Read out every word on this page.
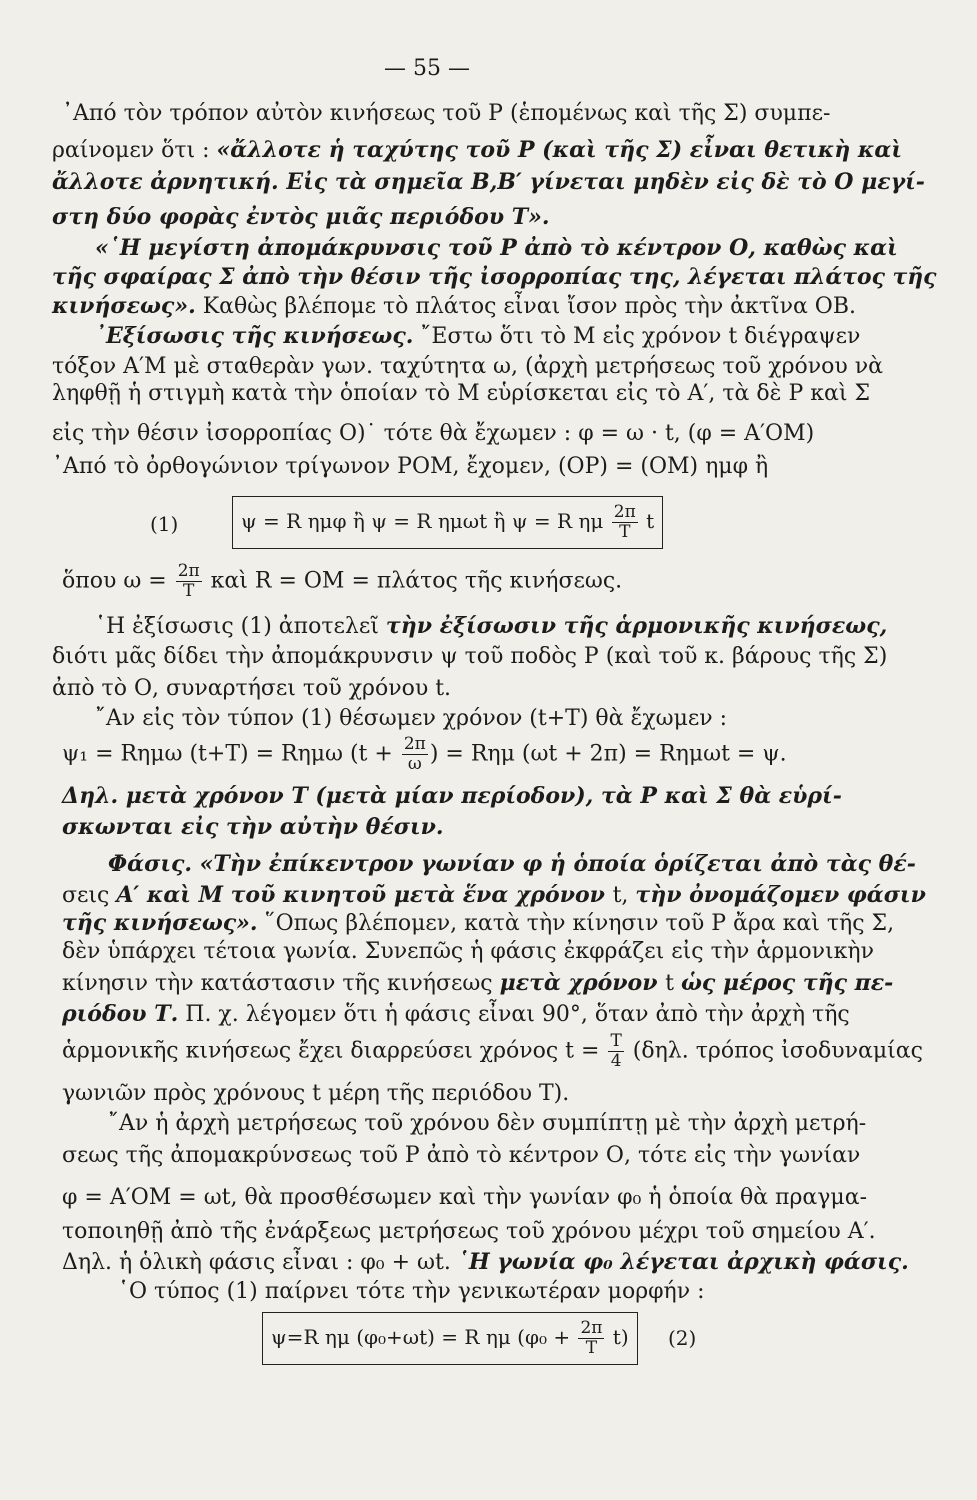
— 55 —
᾽Από τὸν τρόπον αὐτὸν κινήσεως τοῦ Ρ (ἑπομένως καὶ τῆς Σ) συμπε-
ραίνομεν ὅτι : «ἄλλοτε ἡ ταχύτης τοῦ Ρ (καὶ τῆς Σ) εἶναι θετικὴ καὶ
ἄλλοτε ἀρνητική. Εἰς τὰ σημεῖα Β,Β′ γίνεται μηδὲν εἰς δὲ τὸ Ο μεγί-
στη δύο φορὰς ἐντὸς μιᾶς περιόδου Τ».
«῾Η μεγίστη ἀπομάκρυνσις τοῦ Ρ ἀπὸ τὸ κέντρον Ο, καθὼς καὶ
τῆς σφαίρας Σ ἀπὸ τὴν θέσιν τῆς ἰσορροπίας της, λέγεται πλάτος τῆς
κινήσεως». Καθὼς βλέπομε τὸ πλάτος εἶναι ἴσον πρὸς τὴν ἀκτῖνα ΟΒ.
᾽Εξίσωσις τῆς κινήσεως. ῎Εστω ὅτι τὸ Μ εἰς χρόνον t διέγραψεν
τόξον Α′Μ μὲ σταθερὰν γων. ταχύτητα ω, (ἀρχὴ μετρήσεως τοῦ χρόνου νὰ
ληφθῇ ἡ στιγμὴ κατὰ τὴν ὁποίαν τὸ Μ εὑρίσκεται εἰς τὸ Α′, τὰ δὲ Ρ καὶ Σ
εἰς τὴν θέσιν ἰσορροπίας Ο)˙ τότε θὰ ἔχωμεν : φ = ω · t, (φ = Α′ΟΜ)
᾽Από τὸ ὀρθογώνιον τρίγωνον ΡΟΜ, ἔχομεν, (ΟΡ) = (ΟΜ) ημφ ἢ
(1)	ψ = R ημφ ἢ ψ = R ημωt ἢ ψ = R ημ $\frac{2\pi}{T}$ t
ὅπου $\omega = \frac{2\pi}{T}$ καὶ R = ΟΜ = πλάτος τῆς κινήσεως.
῾Η ἐξίσωσις (1) ἀποτελεῖ τὴν ἐξίσωσιν τῆς ἁρμονικῆς κινήσεως,
διότι μᾶς δίδει τὴν ἀπομάκρυνσιν ψ τοῦ ποδὸς Ρ (καὶ τοῦ κ. βάρους τῆς Σ)
ἀπὸ τὸ Ο, συναρτήσει τοῦ χρόνου t.
῎Αν εἰς τὸν τύπον (1) θέσωμεν χρόνον (t+T) θὰ ἔχωμεν :
ψ₁ = Rημω (t+T) = Rημω ($t + \frac{2\pi}{\omega}$ ) = Rημ (ωt + 2π) = Rημωt = ψ.
Δηλ. μετὰ χρόνον Τ (μετὰ μίαν περίοδον), τὰ Ρ καὶ Σ θὰ εὑρί-
σκωνται εἰς τὴν αὐτὴν θέσιν.
Φάσις. «Τὴν ἐπίκεντρον γωνίαν φ ἡ ὁποία ὁρίζεται ἀπὸ τὰς θέ-
σεις Α′ καὶ Μ τοῦ κινητοῦ μετὰ ἕνα χρόνον t, τὴν ὀνομάζομεν φάσιν
τῆς κινήσεως». ῞Οπως βλέπομεν, κατὰ τὴν κίνησιν τοῦ Ρ ἄρα καὶ τῆς Σ,
δὲν ὑπάρχει τέτοια γωνία. Συνεπῶς ἡ φάσις ἐκφράζει εἰς τὴν ἁρμονικὴν
κίνησιν τὴν κατάστασιν τῆς κινήσεως μετὰ χρόνον t ὡς μέρος τῆς πε-
ριόδου Τ. Π. χ. λέγομεν ὅτι ἡ φάσις εἶναι 90°, ὅταν ἀπὸ τὴν ἀρχὴ τῆς
ἁρμονικῆς κινήσεως ἔχει διαρρεύσει χρόνος $t = \frac{T}{4} (\delta\eta\lambda$. τρόπος ἰσοδυναμίας
γωνιῶν πρὸς χρόνους t μέρη τῆς περιόδου Τ).
῎Αν ἡ ἀρχὴ μετρήσεως τοῦ χρόνου δὲν συμπίπτῃ μὲ τὴν ἀρχὴ μετρή-
σεως τῆς ἀπομακρύνσεως τοῦ Ρ ἀπὸ τὸ κέντρον Ο, τότε εἰς τὴν γωνίαν
φ = Α′ΟΜ = ωt, θὰ προσθέσωμεν καὶ τὴν γωνίαν φ₀ ἡ ὁποία θὰ πραγμα-
τοποιηθῇ ἀπὸ τῆς ἐνάρξεως μετρήσεως τοῦ χρόνου μέχρι τοῦ σημείου Α′.
Δηλ. ἡ ὁλικὴ φάσις εἶναι : φ₀ + ωt. ῾Η γωνία φ₀ λέγεται ἀρχικὴ φάσις.
῾Ο τύπος (1) παίρνει τότε τὴν γενικωτέραν μορφήν :
ψ=R ημ (φ₀+ωt) = R ημ $(\varphi_0 + \frac{2\pi}{T} t)$	(2)
